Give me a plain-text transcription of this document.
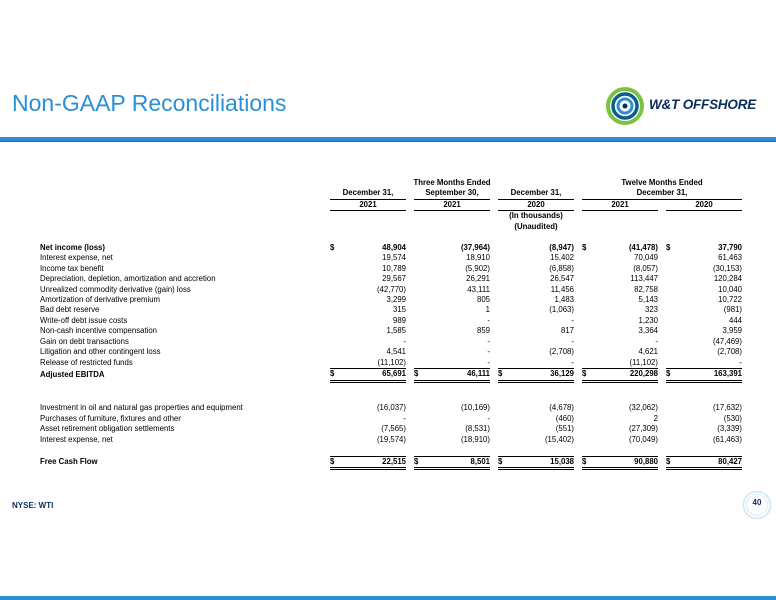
Non-GAAP Reconciliations	W&T OFFSHORE
	Three Months Ended									Twelve Months Ended				
	December 31,			September 30,			December 31,			December 31,				
	2021			2021			2020			2021			2020	
							(In thousands)							
							(Unaudited)							

Net income (loss)	$	48,904			(37,964)			(8,947)		$	(41,478)		$	37,790
Interest expense, net		19,574			18,910			15,402			70,049			61,463
Income tax benefit		10,789			(5,902)			(6,858)			(8,057)			(30,153)
Depreciation, depletion, amortization and accretion		29,567			26,291			26,547			113,447			120,284
Unrealized commodity derivative (gain) loss		(42,770)			43,111			11,456			82,758			10,040
Amortization of derivative premium		3,299			805			1,483			5,143			10,722
Bad debt reserve		315			1			(1,063)			323			(981)
Write-off debt issue costs		989			-			-			1,230			444
Non-cash incentive compensation		1,585			859			817			3,364			3,959
Gain on debt transactions		-			-			-			-			(47,469)
Litigation and other contingent loss		4,541			-			(2,708)			4,621			(2,708)
Release of restricted funds		(11,102)			-			-			(11,102)			-
Adjusted EBITDA	$	65,691		$	46,111		$	36,129		$	220,298		$	163,391

Investment in oil and natural gas properties and equipment		(16,037)			(10,169)			(4,678)			(32,062)			(17,632)
Purchases of furniture, fixtures and other		-			-			(460)			2			(530)
Asset retirement obligation settlements		(7,565)			(8,531)			(551)			(27,309)			(3,339)
Interest expense, net		(19,574)			(18,910)			(15,402)			(70,049)			(61,463)

Free Cash Flow	$	22,515		$	8,501		$	15,038		$	90,880		$	80,427
NYSE: WTI	40
